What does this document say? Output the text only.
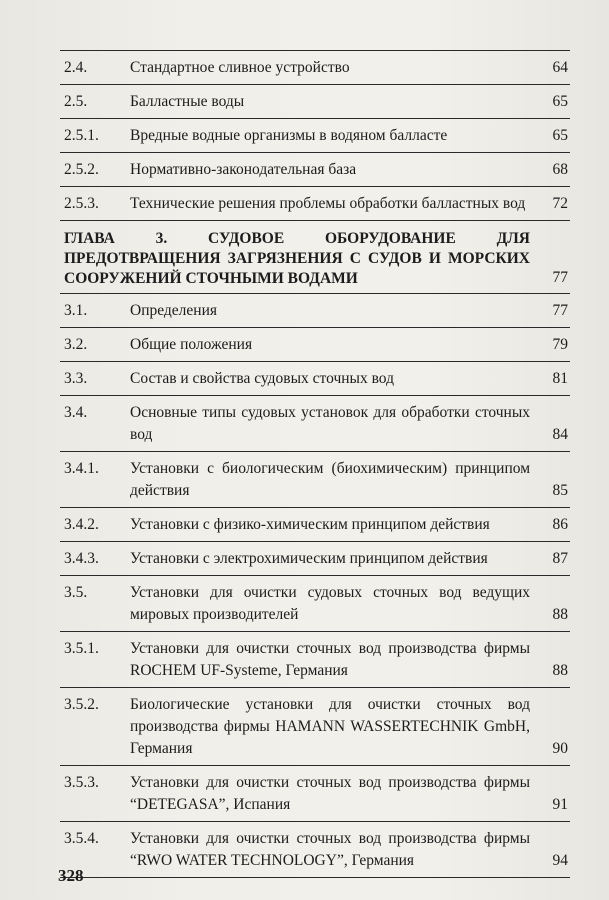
2.4.	Стандартное сливное устройство	64
2.5.	Балластные воды	65
2.5.1.	Вредные водные организмы в водяном балласте	65
2.5.2.	Нормативно-законодательная база	68
2.5.3.	Технические решения проблемы обработки балластных вод	72
ГЛАВА 3. СУДОВОЕ ОБОРУДОВАНИЕ ДЛЯ ПРЕДОТВРАЩЕНИЯ ЗАГРЯЗНЕНИЯ С СУДОВ И МОРСКИХ СООРУЖЕНИЙ СТОЧНЫМИ ВОДАМИ	77
3.1.	Определения	77
3.2.	Общие положения	79
3.3.	Состав и свойства судовых сточных вод	81
3.4.	Основные типы судовых установок для обработки сточных вод	84
3.4.1.	Установки с биологическим (биохимическим) принципом действия	85
3.4.2.	Установки с физико-химическим принципом действия	86
3.4.3.	Установки с электрохимическим принципом действия	87
3.5.	Установки для очистки судовых сточных вод ведущих мировых производителей	88
3.5.1.	Установки для очистки сточных вод производства фирмы ROCHEM UF-Systeme, Германия	88
3.5.2.	Биологические установки для очистки сточных вод производства фирмы HAMANN WASSERTECHNIK GmbH, Германия	90
3.5.3.	Установки для очистки сточных вод производства фирмы “DETEGASA”, Испания	91
3.5.4.	Установки для очистки сточных вод производства фирмы “RWO WATER TECHNOLOGY”, Германия	94
328
